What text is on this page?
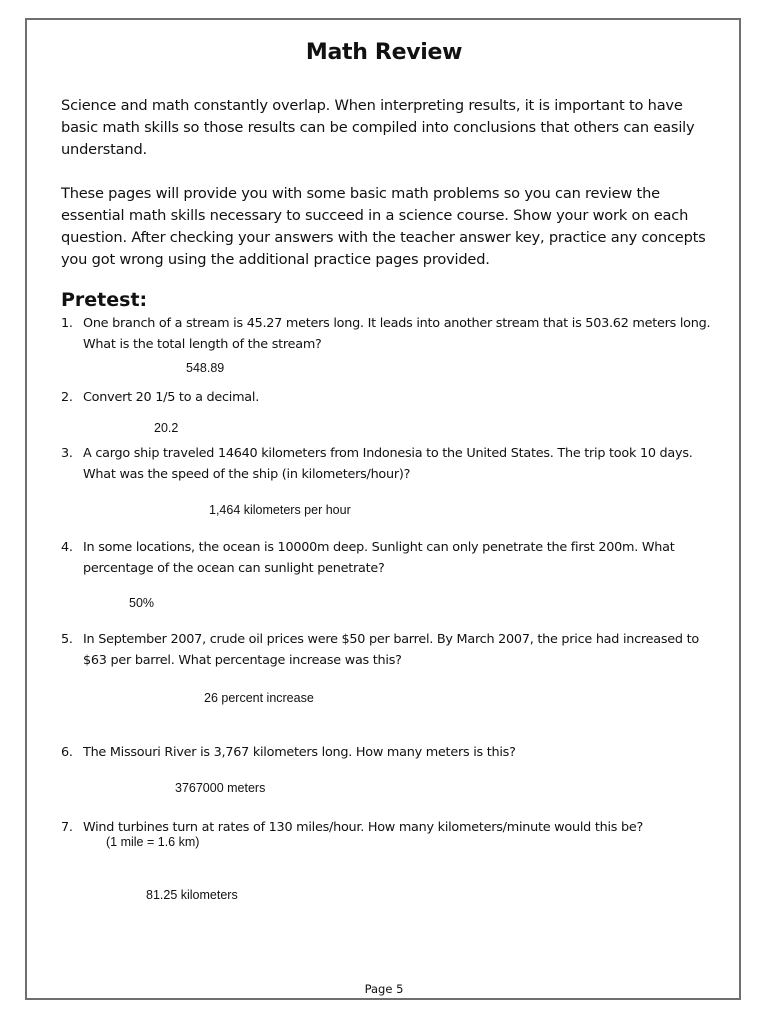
Math Review
Science and math constantly overlap. When interpreting results, it is important to have basic math skills so those results can be compiled into conclusions that others can easily understand.
These pages will provide you with some basic math problems so you can review the essential math skills necessary to succeed in a science course. Show your work on each question. After checking your answers with the teacher answer key, practice any concepts you got wrong using the additional practice pages provided.
Pretest:
1. One branch of a stream is 45.27 meters long. It leads into another stream that is 503.62 meters long. What is the total length of the stream?
548.89
2. Convert 20 1/5 to a decimal.
20.2
3. A cargo ship traveled 14640 kilometers from Indonesia to the United States. The trip took 10 days. What was the speed of the ship (in kilometers/hour)?
1,464 kilometers per hour
4. In some locations, the ocean is 10000m deep. Sunlight can only penetrate the first 200m. What percentage of the ocean can sunlight penetrate?
50%
5. In September 2007, crude oil prices were $50 per barrel. By March 2007, the price had increased to $63 per barrel. What percentage increase was this?
26 percent increase
6. The Missouri River is 3,767 kilometers long. How many meters is this?
3767000 meters
7. Wind turbines turn at rates of 130 miles/hour. How many kilometers/minute would this be?
(1 mile = 1.6 km)
81.25 kilometers
Page 5
